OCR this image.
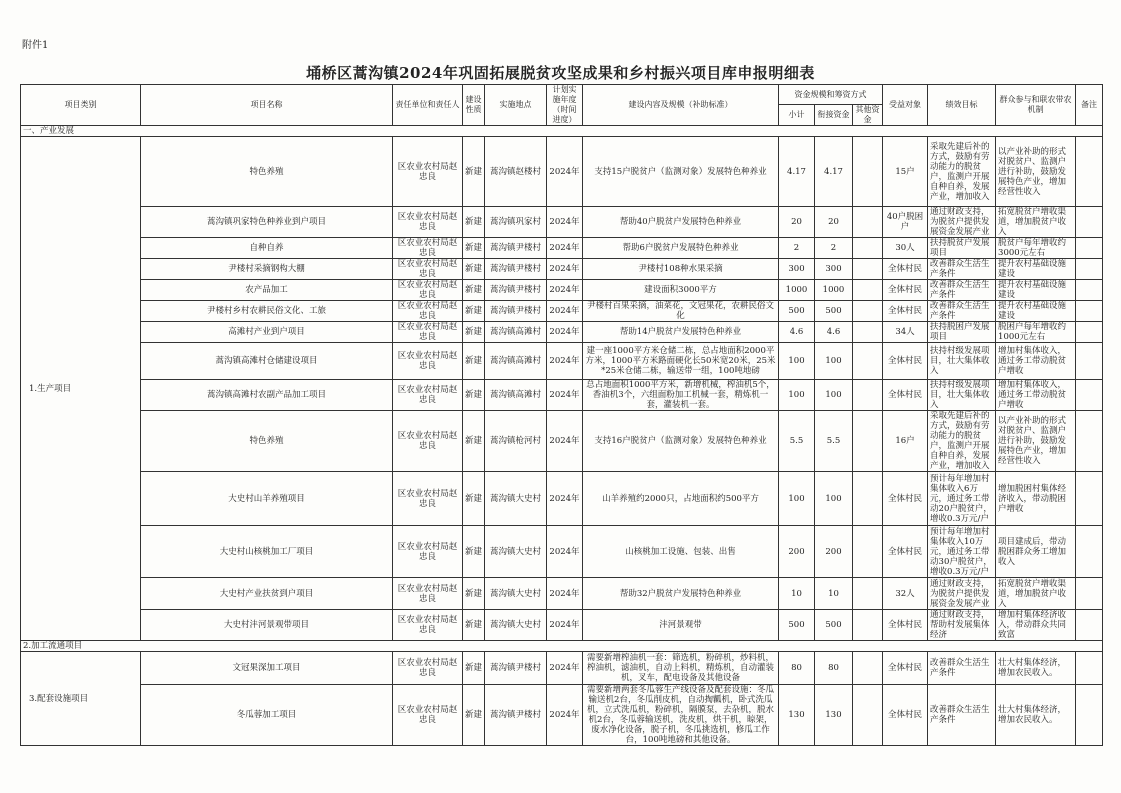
附件1
埇桥区蒿沟镇2024年巩固拓展脱贫攻坚成果和乡村振兴项目库申报明细表
项目类别	项目名称	责任单位和责任人	建设性质	实施地点	计划实施年度（时间进度）	建设内容及规模（补助标准）	资金规模和筹资方式			受益对象	绩效目标	群众参与和联农带农机制	备注
							小计	衔接资金	其他资金				
一、产业发展													
1.生产项目	特色养殖	区农业农村局赵忠良	新建	蒿沟镇赵楼村	2024年	支持15户脱贫户（监测对象）发展特色种养业	4.17	4.17		15户	采取先建后补的方式，鼓励有劳动能力的脱贫户，监测户开展自种自养，发展产业，增加收入	以产业补助的形式对脱贫户、监测户进行补助，鼓励发展特色产业，增加经营性收入	
	蒿沟镇巩家特色种养业到户项目	区农业农村局赵忠良	新建	蒿沟镇巩家村	2024年	帮助40户脱贫户发展特色种养业	20	20		40户脱困户	通过财政支持，为脱贫户提供发展资金发展产业	拓宽脱贫户增收渠道，增加脱贫户收入	
	自种自养	区农业农村局赵忠良	新建	蒿沟镇尹楼村	2024年	帮助6户脱贫户发展特色种养业	2	2		30人	扶持脱贫户发展项目	脱贫户每年增收约3000元左右	
	尹楼村采摘钢构大棚	区农业农村局赵忠良	新建	蒿沟镇尹楼村	2024年	尹楼村108种水果采摘	300	300		全体村民	改善群众生活生产条件	提升农村基础设施建设	
	农产品加工	区农业农村局赵忠良	新建	蒿沟镇尹楼村	2024年	建设面积3000平方	1000	1000		全体村民	改善群众生活生产条件	提升农村基础设施建设	
	尹楼村乡村农耕民俗文化、工旅	区农业农村局赵忠良	新建	蒿沟镇尹楼村	2024年	尹楼村百果采摘，油菜花，文冠果花，农耕民俗文化	500	500		全体村民	改善群众生活生产条件	提升农村基础设施建设	
	高滩村产业到户项目	区农业农村局赵忠良	新建	蒿沟镇高滩村	2024年	帮助14户脱贫户发展特色种养业	4.6	4.6		34人	扶持脱困户发展项目	脱困户每年增收约1000元左右	
	蒿沟镇高滩村仓储建设项目	区农业农村局赵忠良	新建	蒿沟镇高滩村	2024年	建一座1000平方米仓储二栋，总占地面积2000平方米，1000平方米路面硬化长50米宽20米，25米*25米仓储二栋，输送带一组，100吨地磅	100	100		全体村民	扶持村级发展项目，壮大集体收入	增加村集体收入，通过务工带动脱贫户增收	
	蒿沟镇高滩村农副产品加工项目	区农业农村局赵忠良	新建	蒿沟镇高滩村	2024年	总占地面积1000平方米，新增机械，榨油机5个，香油机3个，六组面粉加工机械一套，精炼机一套，灌装机一套。	100	100		全体村民	扶持村级发展项目，壮大集体收入	增加村集体收入，通过务工带动脱贫户增收	
	特色养殖	区农业农村局赵忠良	新建	蒿沟镇枪河村	2024年	支持16户脱贫户（监测对象）发展特色种养业	5.5	5.5		16户	采取先建后补的方式，鼓励有劳动能力的脱贫户，监测户开展自种自养，发展产业，增加收入	以产业补助的形式对脱贫户、监测户进行补助，鼓励发展特色产业，增加经营性收入	
	大史村山羊养殖项目	区农业农村局赵忠良	新建	蒿沟镇大史村	2024年	山羊养殖约2000只，占地面积约500平方	100	100		全体村民	预计每年增加村集体收入6万元，通过务工带动20户脱贫户，增收0.3万元/户	增加脱困村集体经济收入，带动脱困户增收	
	大史村山核桃加工厂项目	区农业农村局赵忠良	新建	蒿沟镇大史村	2024年	山核桃加工设施、包装、出售	200	200		全体村民	预计每年增加村集体收入10万元，通过务工带动30户脱贫户，增收0.3万元/户	项目建成后，带动脱困群众务工增加收入	
	大史村产业扶贫到户项目	区农业农村局赵忠良	新建	蒿沟镇大史村	2024年	帮助32户脱贫户发展特色种养业	10	10		32人	通过财政支持，为脱贫户提供发展资金发展产业	拓宽脱贫户增收渠道，增加脱贫户收入	
	大史村沣河景观带项目	区农业农村局赵忠良	新建	蒿沟镇大史村	2024年	沣河景观带	500	500		全体村民	通过财政支持，帮助村发展集体经济	增加村集体经济收入，带动群众共同致富	
2.加工流通项目													
3.配套设施项目	文冠果深加工项目	区农业农村局赵忠良	新建	蒿沟镇尹楼村	2024年	需要新增榨油机一套：筛选机，粉碎机，炒料机，榨油机，滤油机，自动上料机，精炼机，自动灌装机，叉车，配电设备及其他设备	80	80		全体村民	改善群众生活生产条件	壮大村集体经济，增加农民收入。	
	冬瓜蓉加工项目	区农业农村局赵忠良	新建	蒿沟镇尹楼村	2024年	需要新增两套冬瓜蓉生产线设备及配套设施：冬瓜输送机2台，冬瓜削皮机，自动掏瓤机，卧式洗瓜机，立式洗瓜机，粉碎机，隔膜泵，去杂机，脱水机2台，冬瓜蓉输送机，洗皮机，烘干机，晾架，废水净化设备，脱子机，冬瓜挑选机，修瓜工作台，100吨地磅和其他设备。	130	130		全体村民	改善群众生活生产条件	壮大村集体经济，增加农民收入。	
